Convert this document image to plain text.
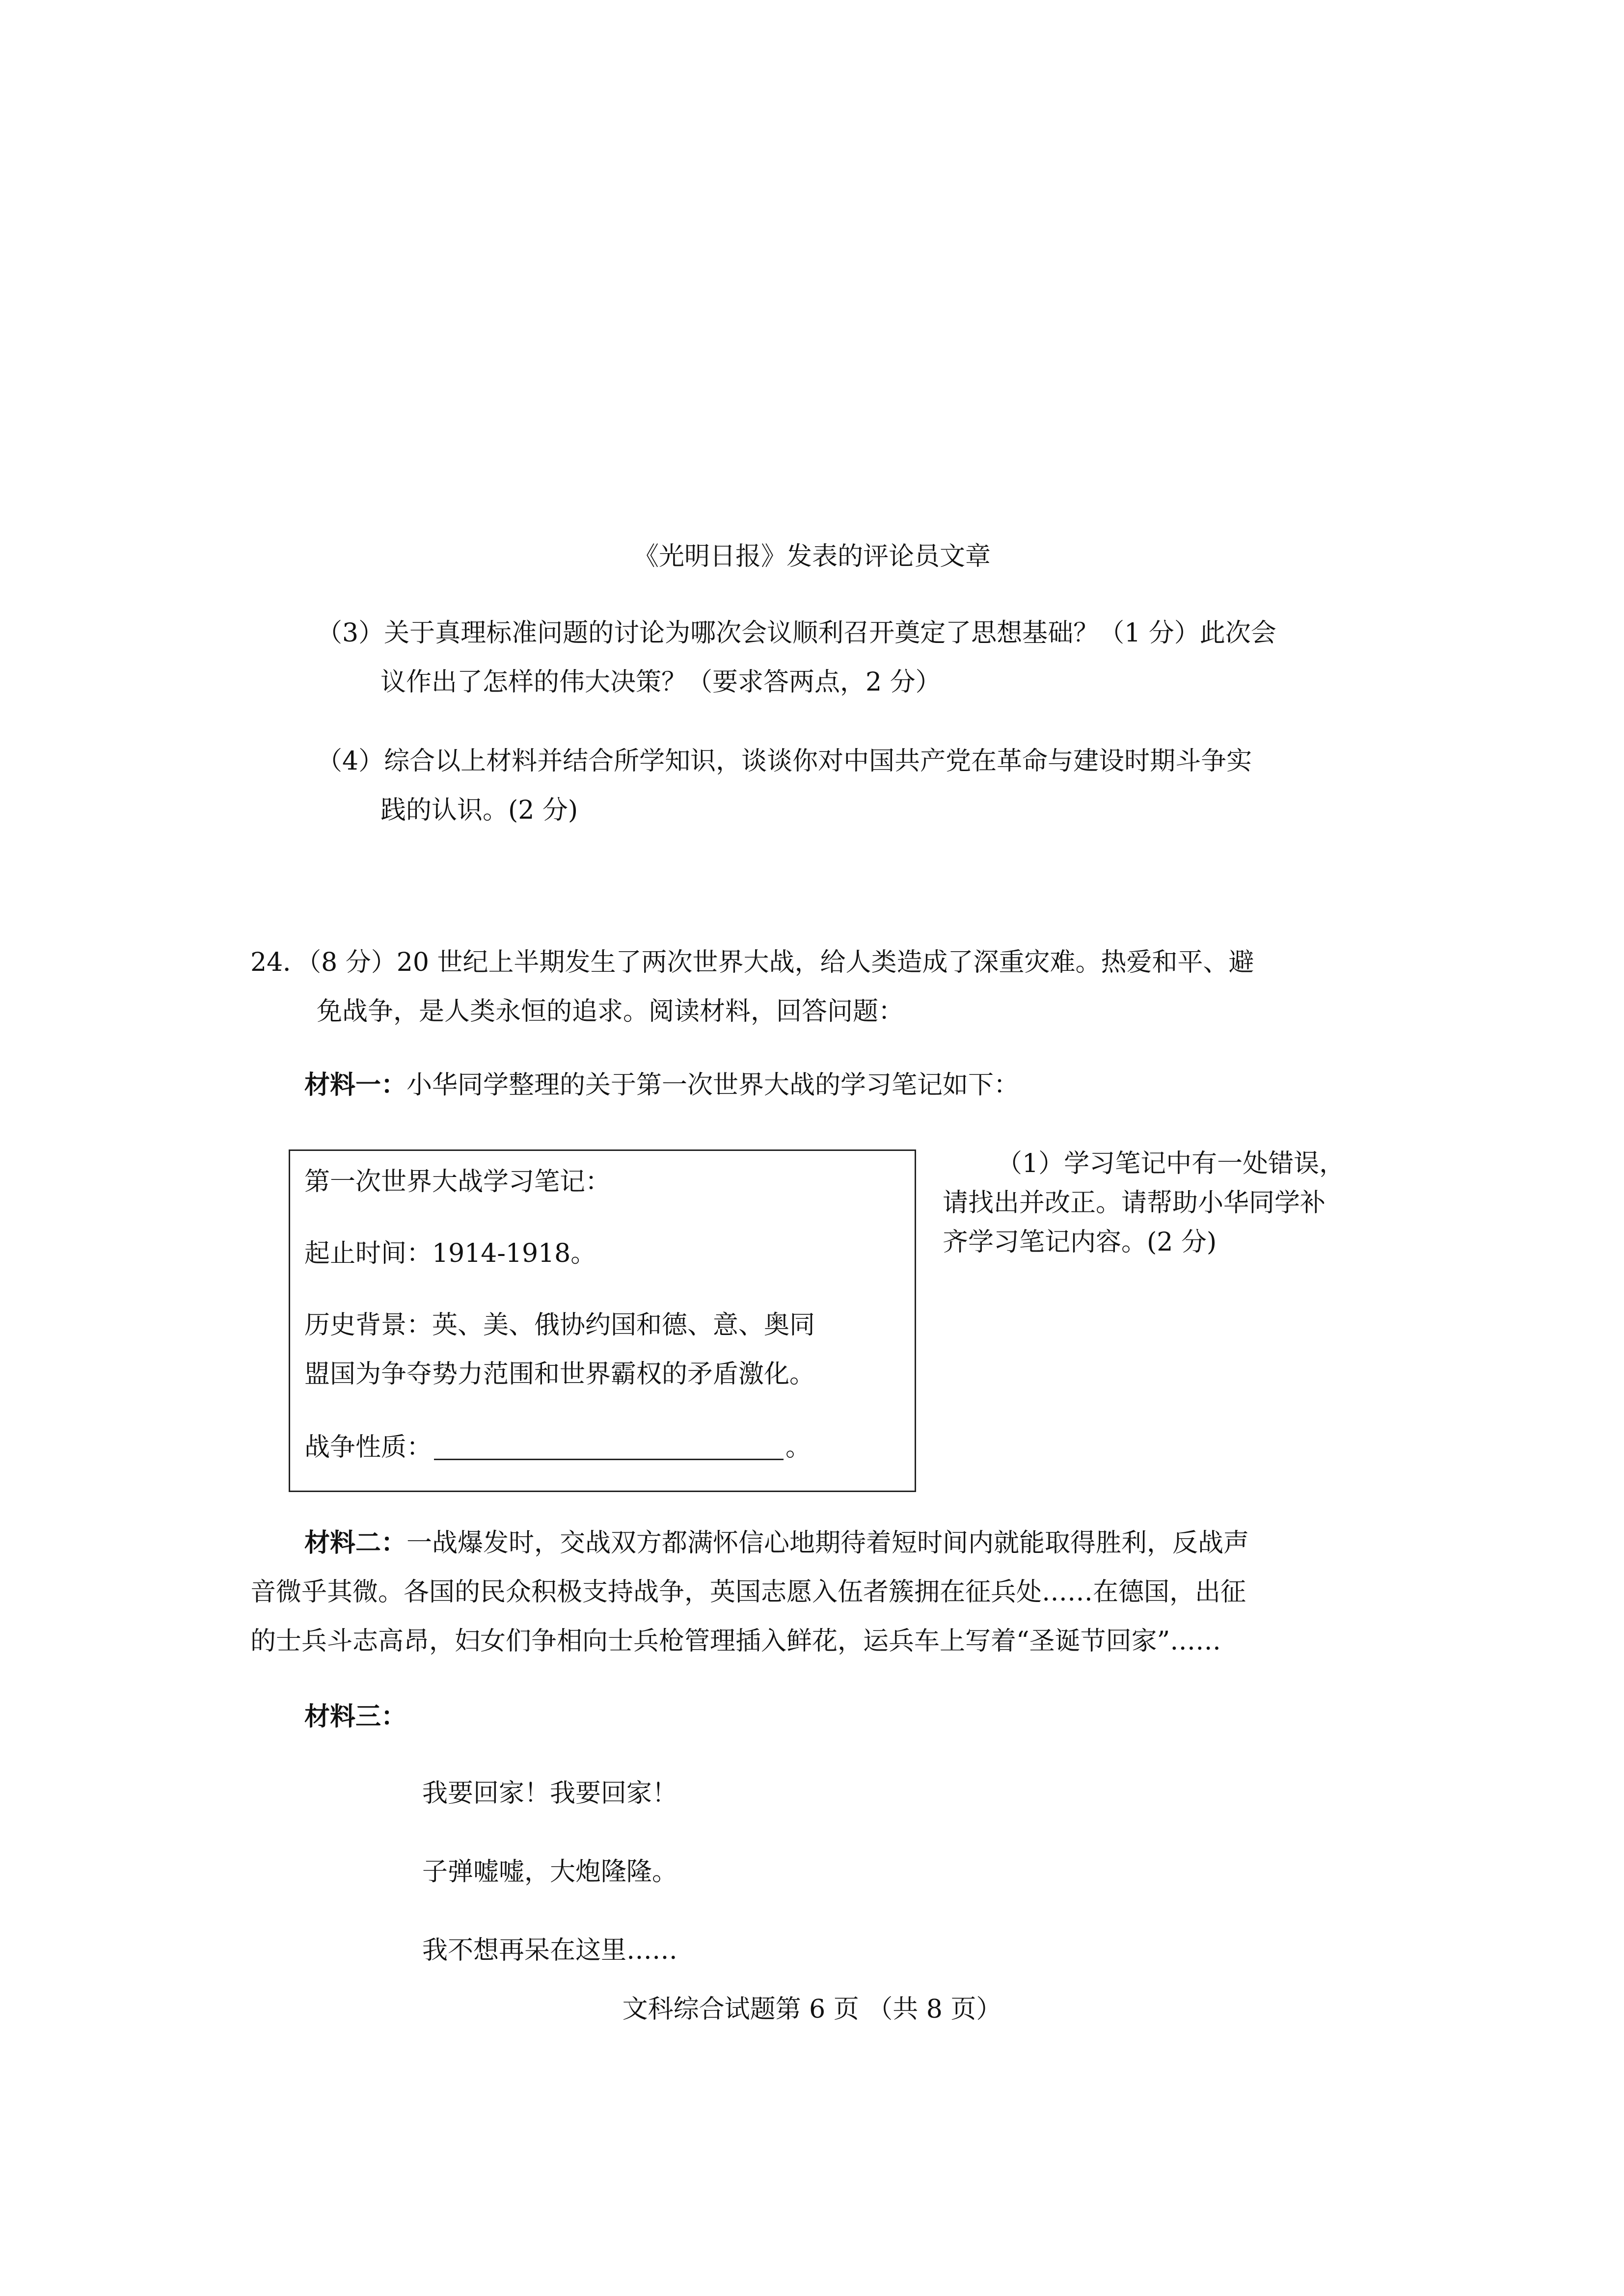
《光明日报》发表的评论员文章
（3）关于真理标准问题的讨论为哪次会议顺利召开奠定了思想基础？（1 分）此次会
议作出了怎样的伟大决策？（要求答两点，2 分）
（4）综合以上材料并结合所学知识，谈谈你对中国共产党在革命与建设时期斗争实
践的认识。(2 分)
24．（8 分）20 世纪上半期发生了两次世界大战，给人类造成了深重灾难。热爱和平、避
免战争，是人类永恒的追求。阅读材料，回答问题：
材料一：小华同学整理的关于第一次世界大战的学习笔记如下：
第一次世界大战学习笔记：
起止时间：1914-1918。
历史背景：英、美、俄协约国和德、意、奥同
盟国为争夺势力范围和世界霸权的矛盾激化。
战争性质：	。
（1）学习笔记中有一处错误，
请找出并改正。请帮助小华同学补
齐学习笔记内容。(2 分)
材料二：一战爆发时，交战双方都满怀信心地期待着短时间内就能取得胜利，反战声
音微乎其微。各国的民众积极支持战争，英国志愿入伍者簇拥在征兵处……在德国，出征
的士兵斗志高昂，妇女们争相向士兵枪管理插入鲜花，运兵车上写着“圣诞节回家”……
材料三：
我要回家！我要回家！
子弹嘘嘘，大炮隆隆。
我不想再呆在这里……
文科综合试题第 6 页 （共 8 页）
